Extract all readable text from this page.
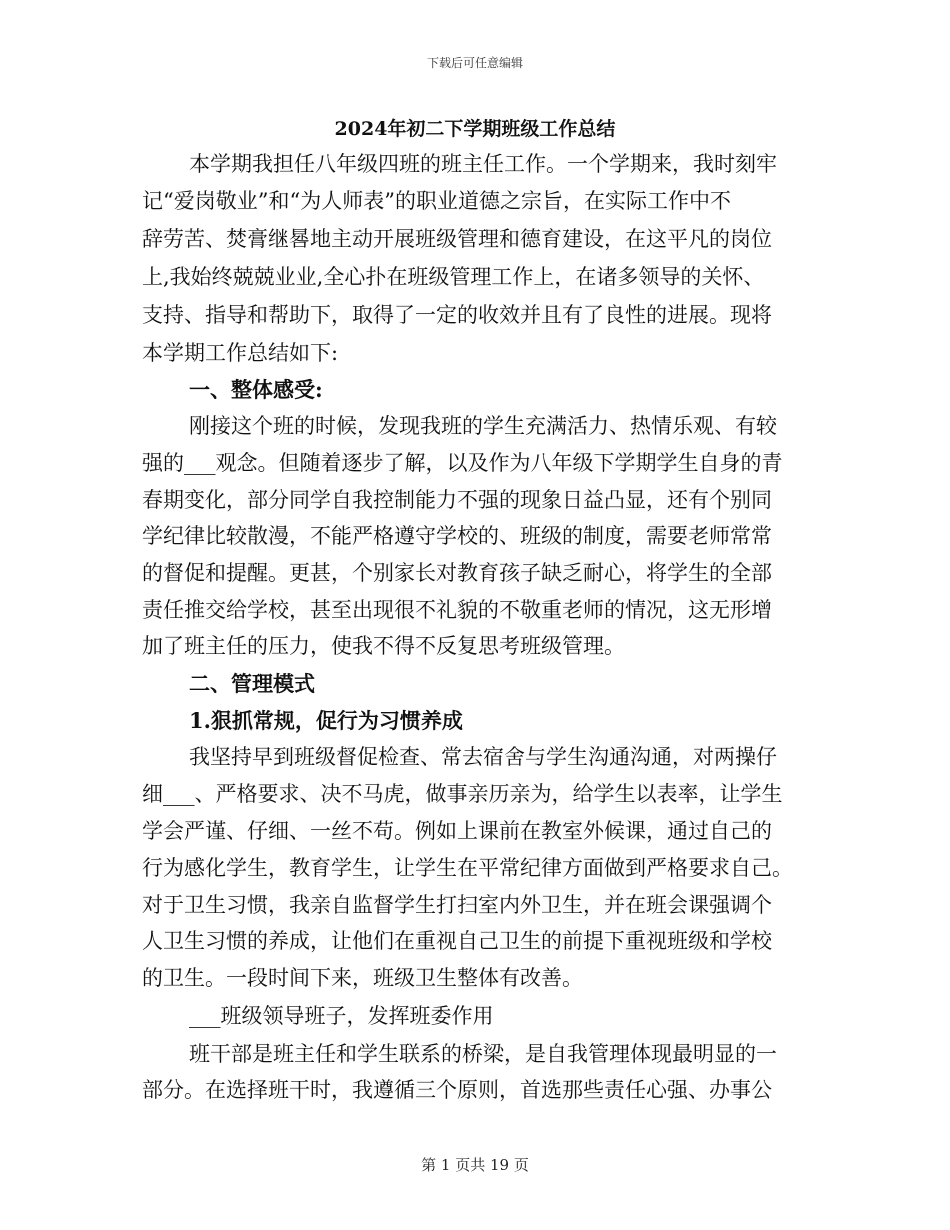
下载后可任意编辑
2024年初二下学期班级工作总结
本学期我担任八年级四班的班主任工作。一个学期来，我时刻牢
记“爱岗敬业”和“为人师表”的职业道德之宗旨，在实际工作中不
辞劳苦、焚膏继晷地主动开展班级管理和德育建设，在这平凡的岗位
上,我始终兢兢业业,全心扑在班级管理工作上，在诸多领导的关怀、
支持、指导和帮助下，取得了一定的收效并且有了良性的进展。现将
本学期工作总结如下:
一、整体感受:
刚接这个班的时候，发现我班的学生充满活力、热情乐观、有较
强的___观念。但随着逐步了解，以及作为八年级下学期学生自身的青
春期变化，部分同学自我控制能力不强的现象日益凸显，还有个别同
学纪律比较散漫，不能严格遵守学校的、班级的制度，需要老师常常
的督促和提醒。更甚，个别家长对教育孩子缺乏耐心，将学生的全部
责任推交给学校，甚至出现很不礼貌的不敬重老师的情况，这无形增
加了班主任的压力，使我不得不反复思考班级管理。
二、管理模式
1.狠抓常规，促行为习惯养成
我坚持早到班级督促检查、常去宿舍与学生沟通沟通，对两操仔
细___、严格要求、决不马虎，做事亲历亲为，给学生以表率，让学生
学会严谨、仔细、一丝不苟。例如上课前在教室外候课，通过自己的
行为感化学生，教育学生，让学生在平常纪律方面做到严格要求自己。
对于卫生习惯，我亲自监督学生打扫室内外卫生，并在班会课强调个
人卫生习惯的养成，让他们在重视自己卫生的前提下重视班级和学校
的卫生。一段时间下来，班级卫生整体有改善。
___班级领导班子，发挥班委作用
班干部是班主任和学生联系的桥梁，是自我管理体现最明显的一
部分。在选择班干时，我遵循三个原则，首选那些责任心强、办事公
第 1 页共 19 页
